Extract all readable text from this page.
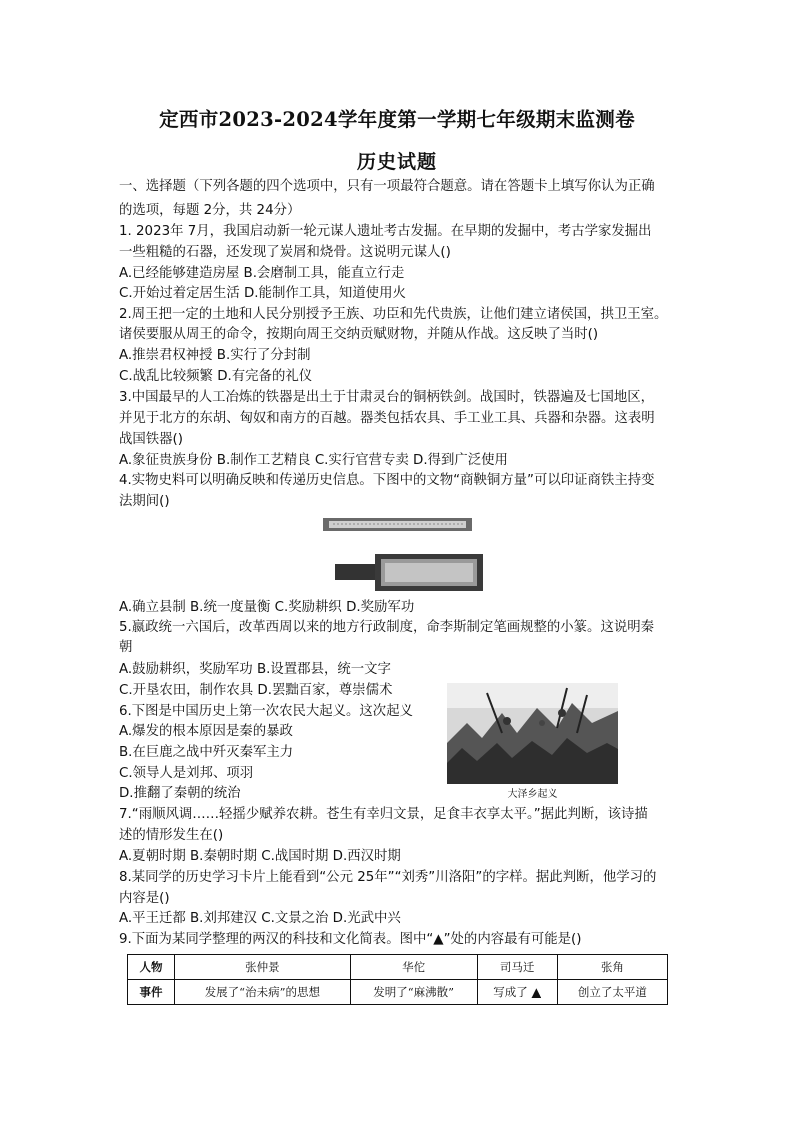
定西市2023-2024学年度第一学期七年级期末监测卷
历史试题
一、选择题（下列各题的四个选项中，只有一项最符合题意。请在答题卡上填写你认为正确
的选项，每题 2分，共 24分）
1. 2023年 7月，我国启动新一轮元谋人遗址考古发掘。在早期的发掘中，考古学家发掘出
一些粗糙的石器，还发现了炭屑和烧骨。这说明元谋人()
A.已经能够建造房屋 B.会磨制工具，能直立行走
C.开始过着定居生活 D.能制作工具，知道使用火
2.周王把一定的土地和人民分别授予王族、功臣和先代贵族，让他们建立诸侯国，拱卫王室。
诸侯要服从周王的命令，按期向周王交纳贡赋财物，并随从作战。这反映了当时()
A.推崇君权神授 B.实行了分封制
C.战乱比较频繁 D.有完备的礼仪
3.中国最早的人工冶炼的铁器是出土于甘肃灵台的铜柄铁剑。战国时，铁器遍及七国地区，
并见于北方的东胡、匈奴和南方的百越。器类包括农具、手工业工具、兵器和杂器。这表明
战国铁器()
A.象征贵族身份 B.制作工艺精良 C.实行官营专卖 D.得到广泛使用
4.实物史料可以明确反映和传递历史信息。下图中的文物“商鞅铜方量”可以印证商铁主持变
法期间()
A.确立县制 B.统一度量衡 C.奖励耕织 D.奖励军功
5.嬴政统一六国后，改革西周以来的地方行政制度，命李斯制定笔画规整的小篆。这说明秦
朝
A.鼓励耕织，奖励军功 B.设置郡县，统一文字
C.开垦农田，制作农具 D.罢黜百家，尊崇儒术
6.下图是中国历史上第一次农民大起义。这次起义
A.爆发的根本原因是秦的暴政
B.在巨鹿之战中歼灭秦军主力
C.领导人是刘邦、项羽
D.推翻了秦朝的统治	大泽乡起义
7.“雨顺风调……轻摇少赋养农耕。苍生有幸归文景，足食丰衣享太平。”据此判断，该诗描
述的情形发生在()
A.夏朝时期 B.秦朝时期 C.战国时期 D.西汉时期
8.某同学的历史学习卡片上能看到“公元 25年”“刘秀”川洛阳”的字样。据此判断，他学习的
内容是()
A.平王迁都 B.刘邦建汉 C.文景之治 D.光武中兴
9.下面为某同学整理的两汉的科技和文化简表。图中“▲”处的内容最有可能是()
人物	张仲景	华佗	司马迁	张角
事件	发展了“治未病”的思想	发明了“麻沸散”	写成了 ▲	创立了太平道
